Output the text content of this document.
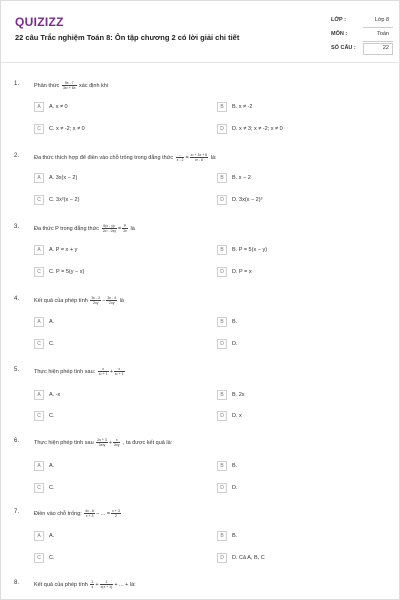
QUIZIZZ
22 câu Trắc nghiệm Toán 8: Ôn tập chương 2 có lời giải chi tiết
LỚP :	Lớp 8
MÔN :	Toán
SỐ CÂU :	22
1.	Phân thức $\frac{5x - 7}{\text{3x² + 6x}}$ xác định khi
A	A. x ≠ 0	B	B. x ≠ -2
C	C. x ≠ -2; x ≠ 0	D	D. x ≠ 3; x ≠ -2; x ≠ 0
2.	Đa thức thích hợp để điền vào chỗ trống trong đẳng thức $\frac{...}{x - 2} = \frac{\text{x² + 3x + 6}}{\text{x³ - 8}}$ là:
A	A. 3x(x − 2)	B	B. x − 2
C	C. 3x²(x − 2)	D	D. 3x(x − 2)²
3.	Đa thức P trong đẳng thức $\frac{\text{5(x - y)²}}{\text{2x² - 2xy}} = \frac{P}{2x}$ là
A	A. P = x + y	B	B. P = 5(x − y)
C	C. P = 5(y − x)	D	D. P = x
4.	Kết quả của phép tính $\frac{3x - 2}{2xy} - \frac{3x - 4}{2xy}$ là
A	A.	B	B.
C	C.	D	D.
5.	Thực hiện phép tính sau: $\frac{x}{\text{x² + 1}} + \frac{x}{\text{x² + 1}}$
A	A. -x	B	B. 2x
C	C.	D	D. x
6.	Thực hiện phép tính sau $\frac{2x + 3}{\text{3x²y}} + \frac{x}{3xy}$ , ta được kết quả là:
A	A.	B	B.
C	C.	D	D.
7.	Điền vào chỗ trống: $\frac{4x - 6}{x + 3}$ − ... = $\frac{x + 3}{2}$
A	A.	B	B.
C	C.	D	D. Cả A, B, C
8.	Kết quả của phép tính $\frac{1}{x} + \frac{1}{x(x + 1)}$ + ... + là:
